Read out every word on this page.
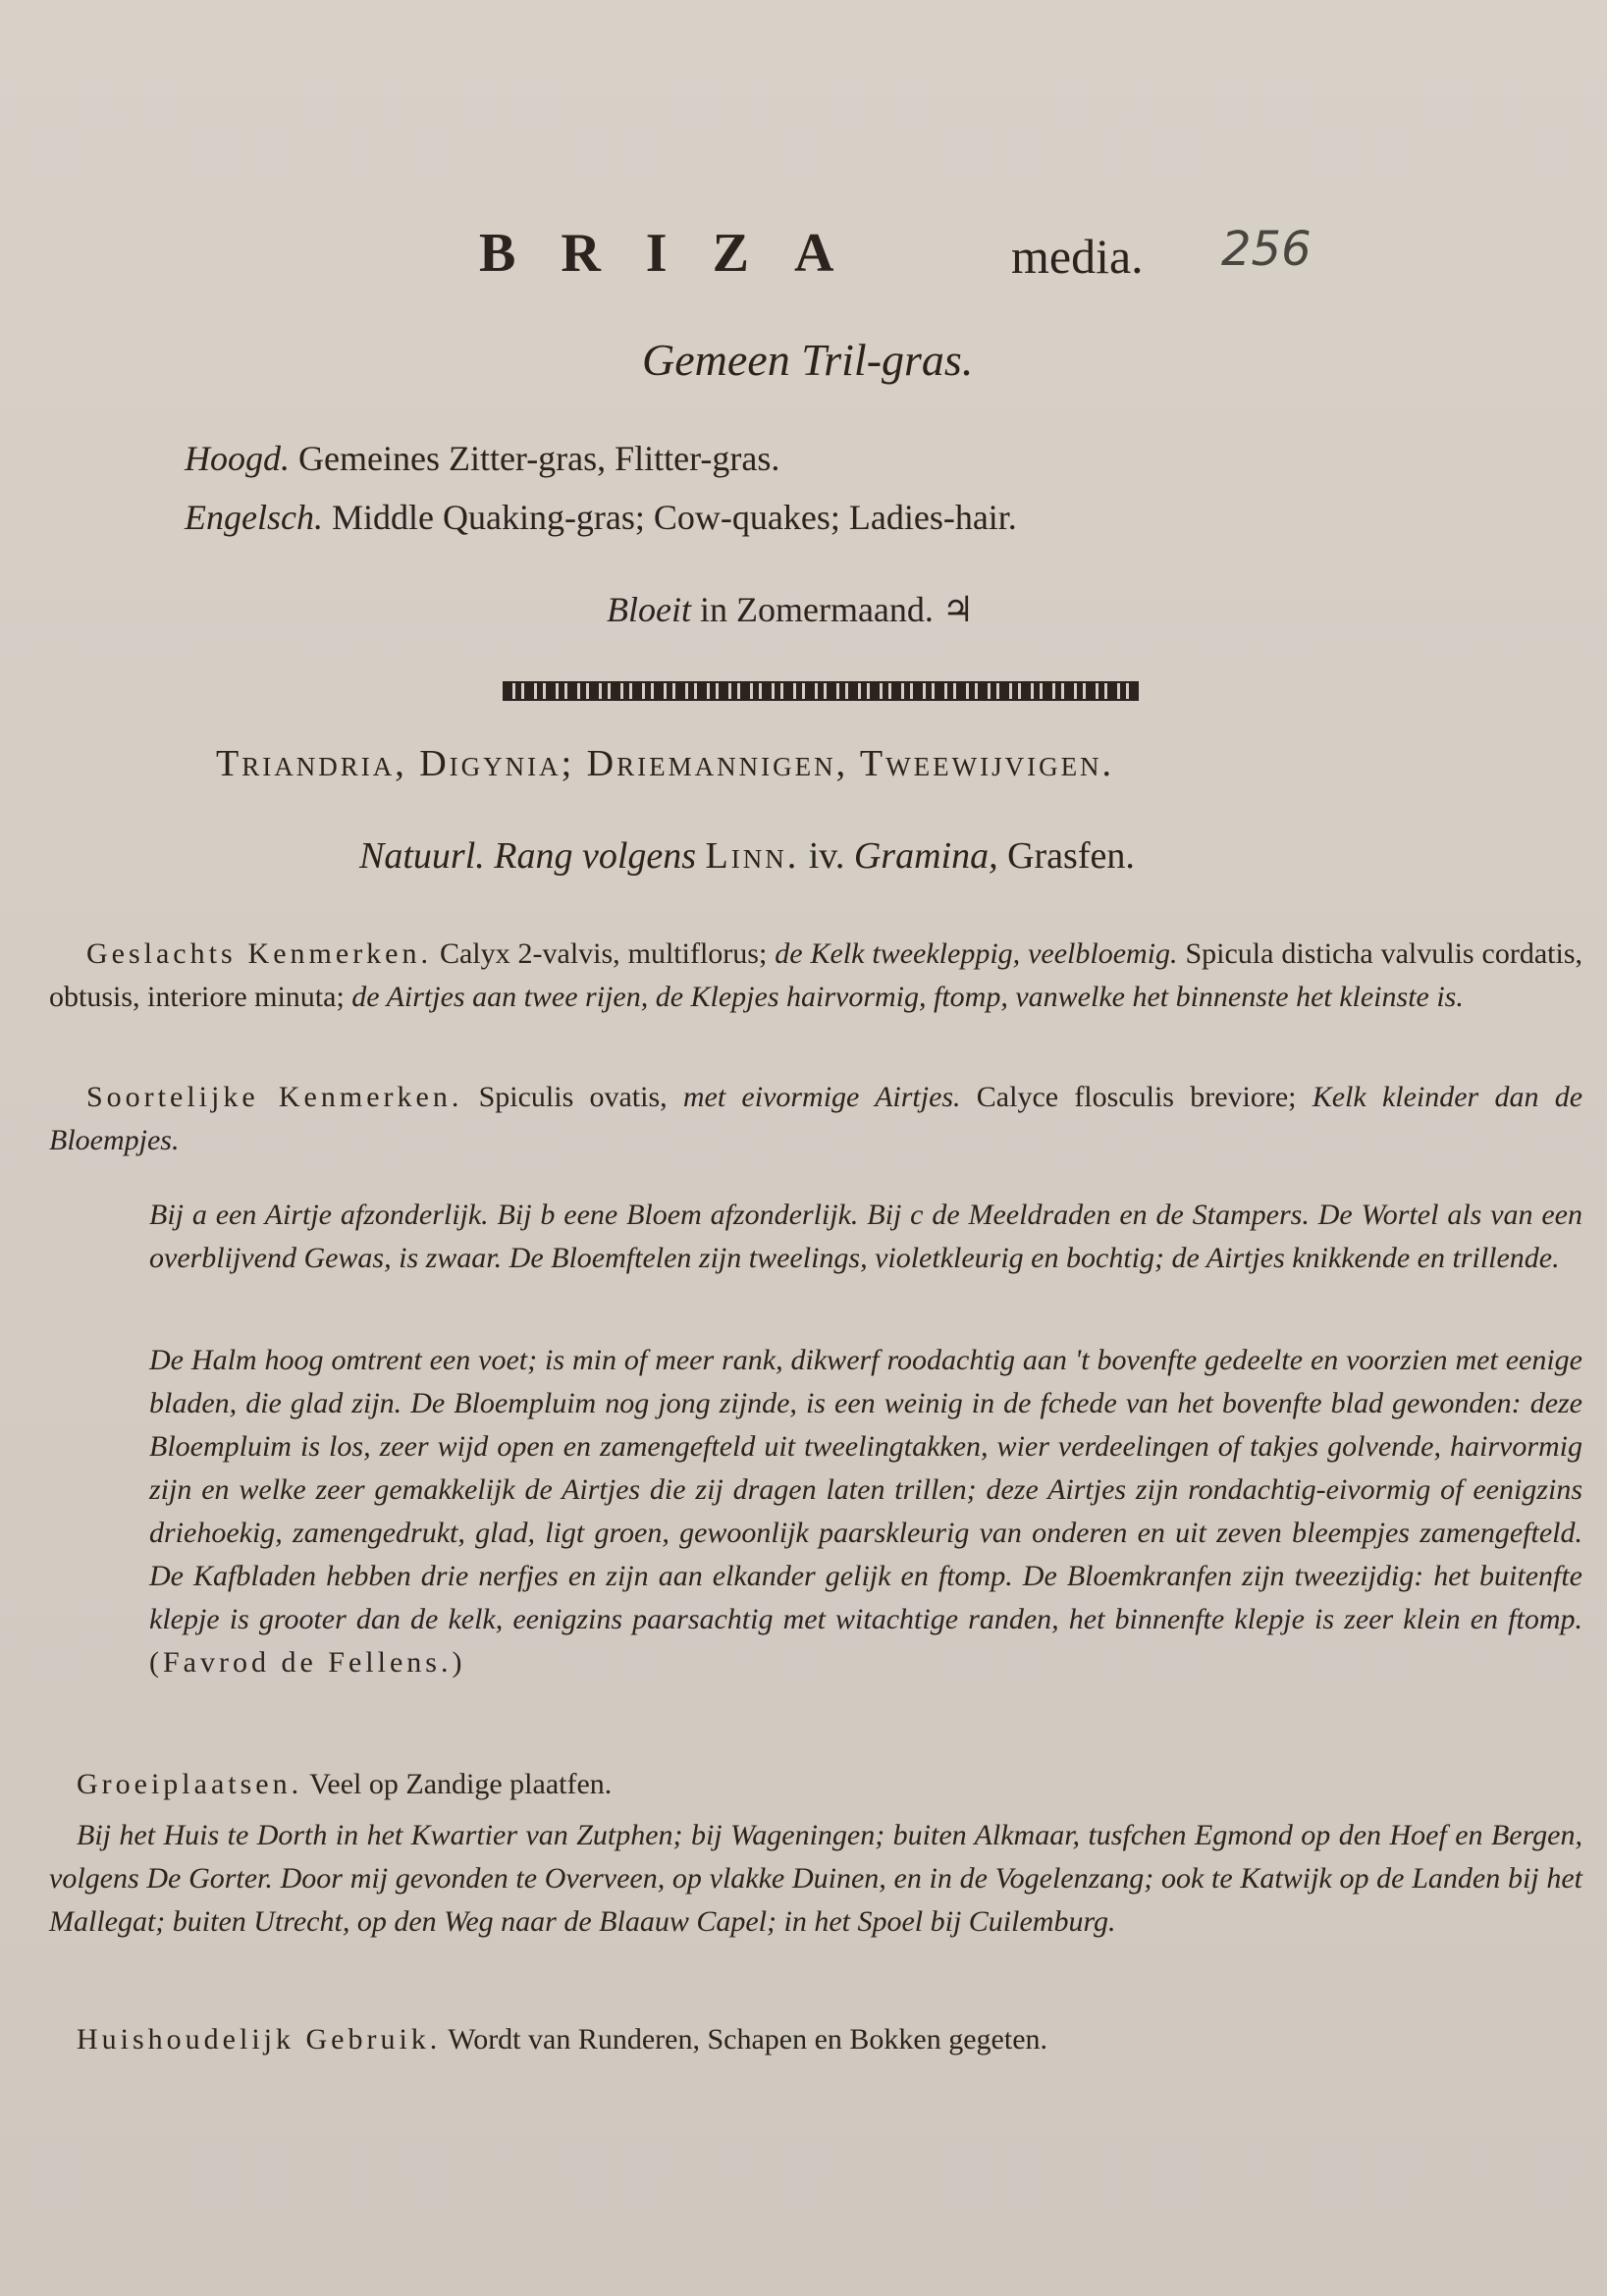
BRIZA	media. 256
Gemeen Tril-gras.
Hoogd. Gemeines Zitter-gras, Flitter-gras.
Engelsch. Middle Quaking-gras; Cow-quakes; Ladies-hair.
Bloeit in Zomermaand. ♃
Triandria, Digynia; Driemannigen, Tweewijvigen.
Natuurl. Rang volgens Linn. iv. Gramina, Grasfen.
Geslachts Kenmerken. Calyx 2-valvis, multiflorus; de Kelk tweekleppig, veelbloemig. Spicula disticha valvulis cordatis, obtusis, interiore minuta; de Airtjes aan twee rijen, de Klepjes hairvormig, ftomp, vanwelke het binnenste het kleinste is.
Soortelijke Kenmerken. Spiculis ovatis, met eivormige Airtjes. Calyce flosculis breviore; Kelk kleinder dan de Bloempjes.
Bij a een Airtje afzonderlijk. Bij b eene Bloem afzonderlijk. Bij c de Meeldraden en de Stampers. De Wortel als van een overblijvend Gewas, is zwaar. De Bloemftelen zijn tweelings, violetkleurig en bochtig; de Airtjes knikkende en trillende.
De Halm hoog omtrent een voet; is min of meer rank, dikwerf roodachtig aan 't bovenfte gedeelte en voorzien met eenige bladen, die glad zijn. De Bloempluim nog jong zijnde, is een weinig in de fchede van het bovenfte blad gewonden: deze Bloempluim is los, zeer wijd open en zamengefteld uit tweelingtakken, wier verdeelingen of takjes golvende, hairvormig zijn en welke zeer gemakkelijk de Airtjes die zij dragen laten trillen; deze Airtjes zijn rondachtig-eivormig of eenigzins driehoekig, zamengedrukt, glad, ligt groen, gewoonlijk paarskleurig van onderen en uit zeven bleempjes zamengefteld. De Kafbladen hebben drie nerfjes en zijn aan elkander gelijk en ftomp. De Bloemkranfen zijn tweezijdig: het buitenfte klepje is grooter dan de kelk, eenigzins paarsachtig met witachtige randen, het binnenfte klepje is zeer klein en ftomp. (Favrod de Fellens.)
Groeiplaatsen. Veel op Zandige plaatfen.
Bij het Huis te Dorth in het Kwartier van Zutphen; bij Wageningen; buiten Alkmaar, tusfchen Egmond op den Hoef en Bergen, volgens De Gorter. Door mij gevonden te Overveen, op vlakke Duinen, en in de Vogelenzang; ook te Katwijk op de Landen bij het Mallegat; buiten Utrecht, op den Weg naar de Blaauw Capel; in het Spoel bij Cuilemburg.
Huishoudelijk Gebruik. Wordt van Runderen, Schapen en Bokken gegeten.
